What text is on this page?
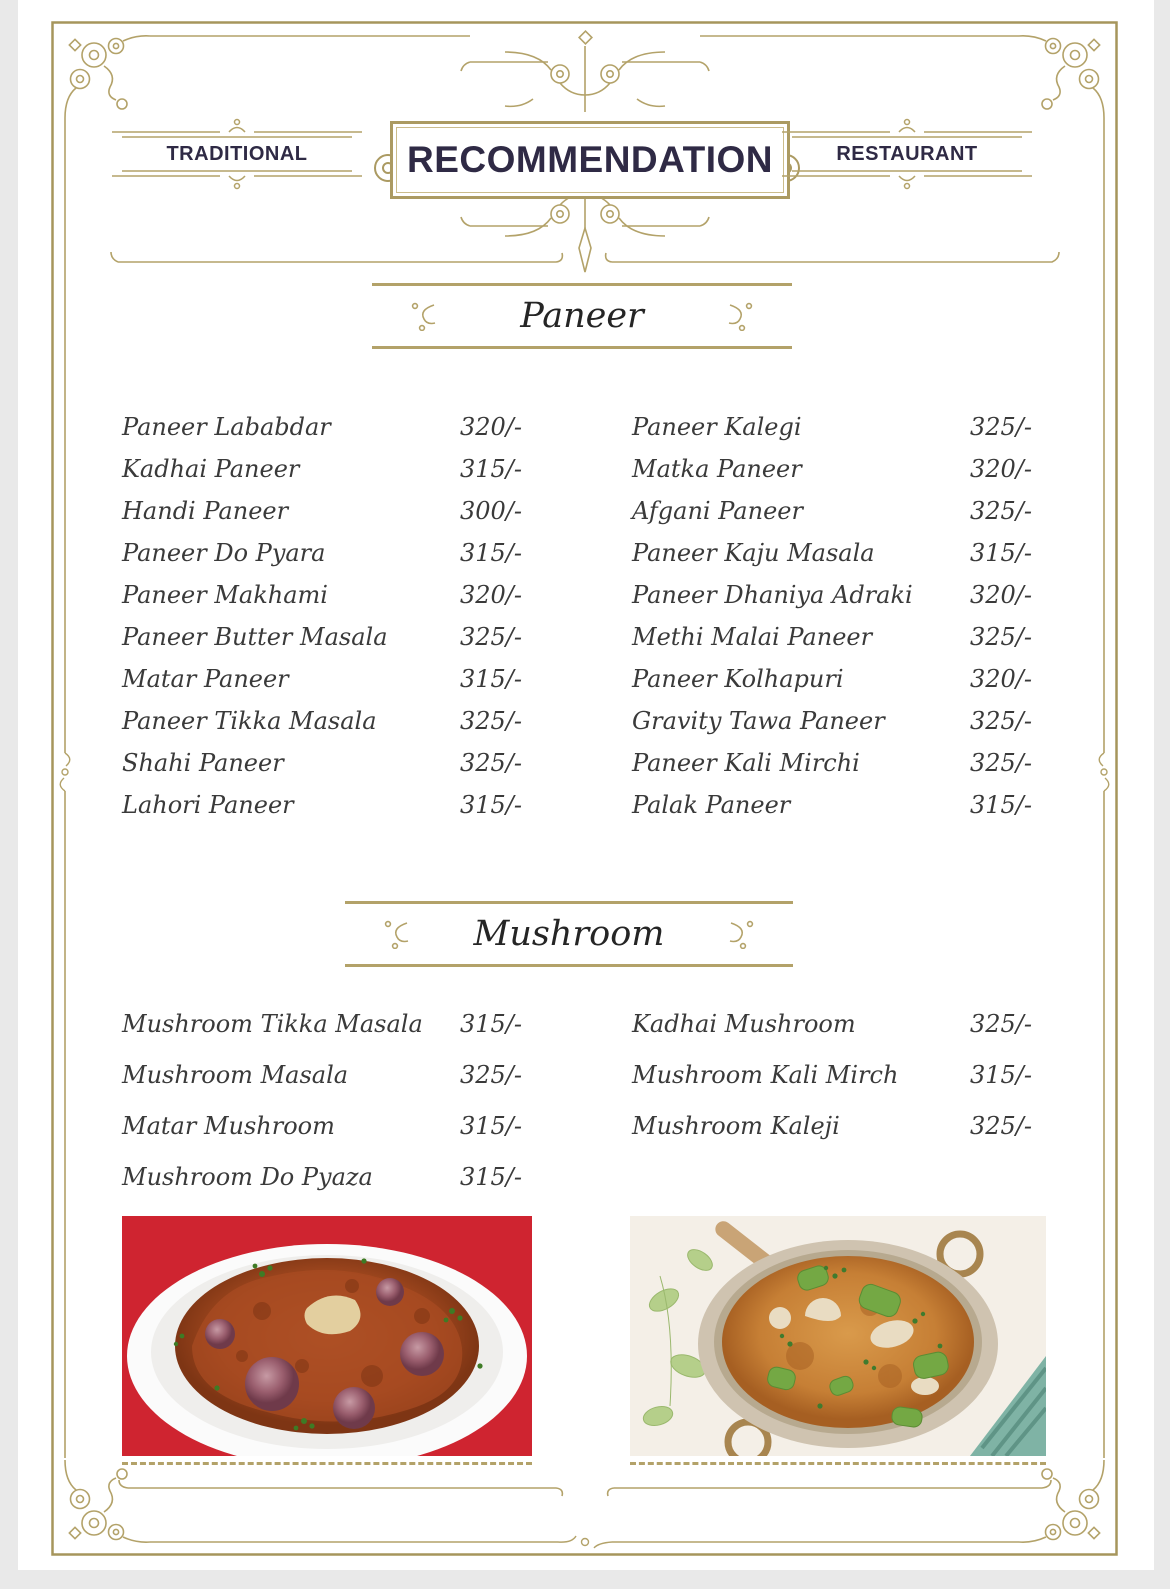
TRADITIONAL	RECOMMENDATION	RESTAURANT
Paneer
Paneer Lababdar	320/-
Kadhai Paneer	315/-
Handi Paneer	300/-
Paneer Do Pyara	315/-
Paneer Makhami	320/-
Paneer Butter Masala	325/-
Matar Paneer	315/-
Paneer Tikka Masala	325/-
Shahi Paneer	325/-
Lahori Paneer	315/-
Paneer Kalegi	325/-
Matka Paneer	320/-
Afgani Paneer	325/-
Paneer Kaju Masala	315/-
Paneer Dhaniya Adraki 320/-
Methi Malai Paneer	325/-
Paneer Kolhapuri	320/-
Gravity Tawa Paneer	325/-
Paneer Kali Mirchi	325/-
Palak Paneer	315/-
Mushroom
Mushroom Tikka Masala 315/-
Mushroom Masala	325/-
Matar Mushroom	315/-
Mushroom Do Pyaza	315/-
Kadhai Mushroom	325/-
Mushroom Kali Mirch	315/-
Mushroom Kaleji	325/-
